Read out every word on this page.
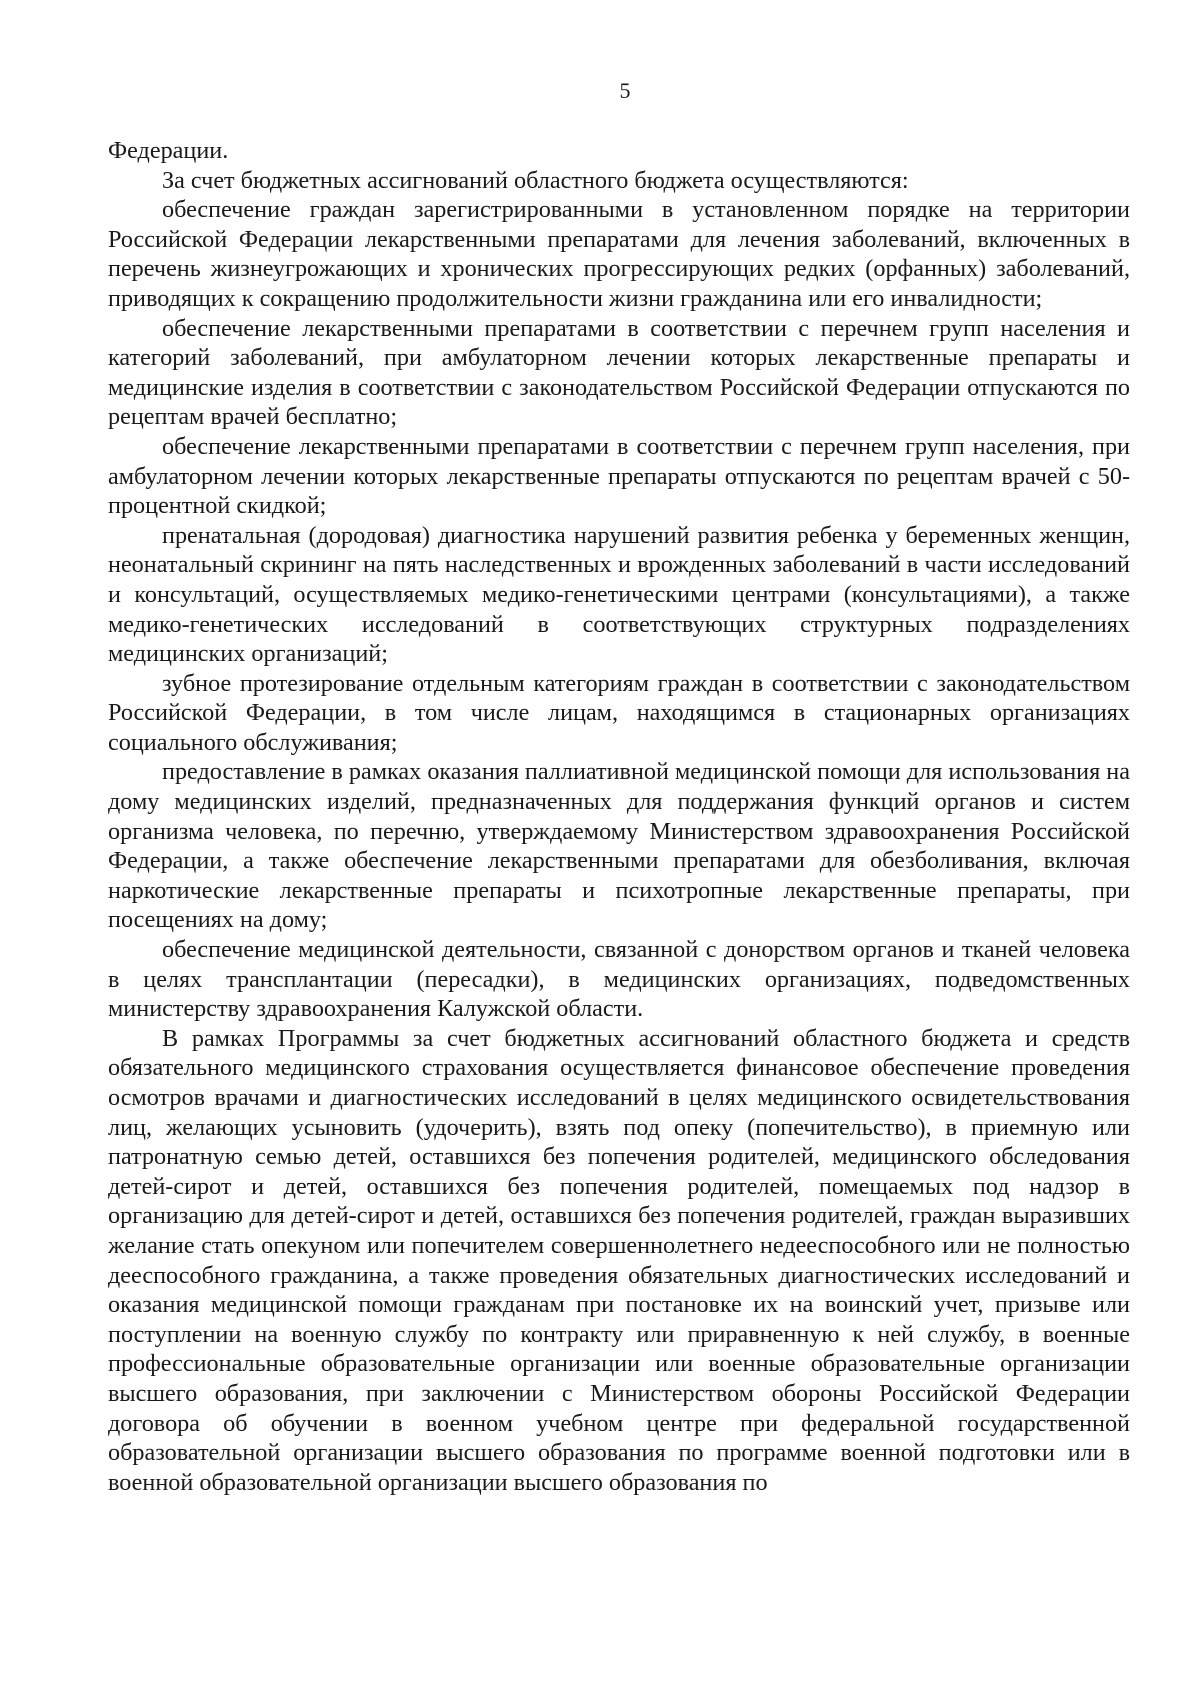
5

Федерации.

За счет бюджетных ассигнований областного бюджета осуществляются:

обеспечение граждан зарегистрированными в установленном порядке на территории Российской Федерации лекарственными препаратами для лечения заболеваний, включенных в перечень жизнеугрожающих и хронических прогрессирующих редких (орфанных) заболеваний, приводящих к сокращению продолжительности жизни гражданина или его инвалидности;

обеспечение лекарственными препаратами в соответствии с перечнем групп населения и категорий заболеваний, при амбулаторном лечении которых лекарственные препараты и медицинские изделия в соответствии с законодательством Российской Федерации отпускаются по рецептам врачей бесплатно;

обеспечение лекарственными препаратами в соответствии с перечнем групп населения, при амбулаторном лечении которых лекарственные препараты отпускаются по рецептам врачей с 50-процентной скидкой;

пренатальная (дородовая) диагностика нарушений развития ребенка у беременных женщин, неонатальный скрининг на пять наследственных и врожденных заболеваний в части исследований и консультаций, осуществляемых медико-генетическими центрами (консультациями), а также медико-генетических исследований в соответствующих структурных подразделениях медицинских организаций;

зубное протезирование отдельным категориям граждан в соответствии с законодательством Российской Федерации, в том числе лицам, находящимся в стационарных организациях социального обслуживания;

предоставление в рамках оказания паллиативной медицинской помощи для использования на дому медицинских изделий, предназначенных для поддержания функций органов и систем организма человека, по перечню, утверждаемому Министерством здравоохранения Российской Федерации, а также обеспечение лекарственными препаратами для обезболивания, включая наркотические лекарственные препараты и психотропные лекарственные препараты, при посещениях на дому;

обеспечение медицинской деятельности, связанной с донорством органов и тканей человека в целях трансплантации (пересадки), в медицинских организациях, подведомственных министерству здравоохранения Калужской области.

В рамках Программы за счет бюджетных ассигнований областного бюджета и средств обязательного медицинского страхования осуществляется финансовое обеспечение проведения осмотров врачами и диагностических исследований в целях медицинского освидетельствования лиц, желающих усыновить (удочерить), взять под опеку (попечительство), в приемную или патронатную семью детей, оставшихся без попечения родителей, медицинского обследования детей-сирот и детей, оставшихся без попечения родителей, помещаемых под надзор в организацию для детей-сирот и детей, оставшихся без попечения родителей, граждан выразивших желание стать опекуном или попечителем совершеннолетнего недееспособного или не полностью дееспособного гражданина, а также проведения обязательных диагностических исследований и оказания медицинской помощи гражданам при постановке их на воинский учет, призыве или поступлении на военную службу по контракту или приравненную к ней службу, в военные профессиональные образовательные организации или военные образовательные организации высшего образования, при заключении с Министерством обороны Российской Федерации договора об обучении в военном учебном центре при федеральной государственной образовательной организации высшего образования по программе военной подготовки или в военной образовательной организации высшего образования по
